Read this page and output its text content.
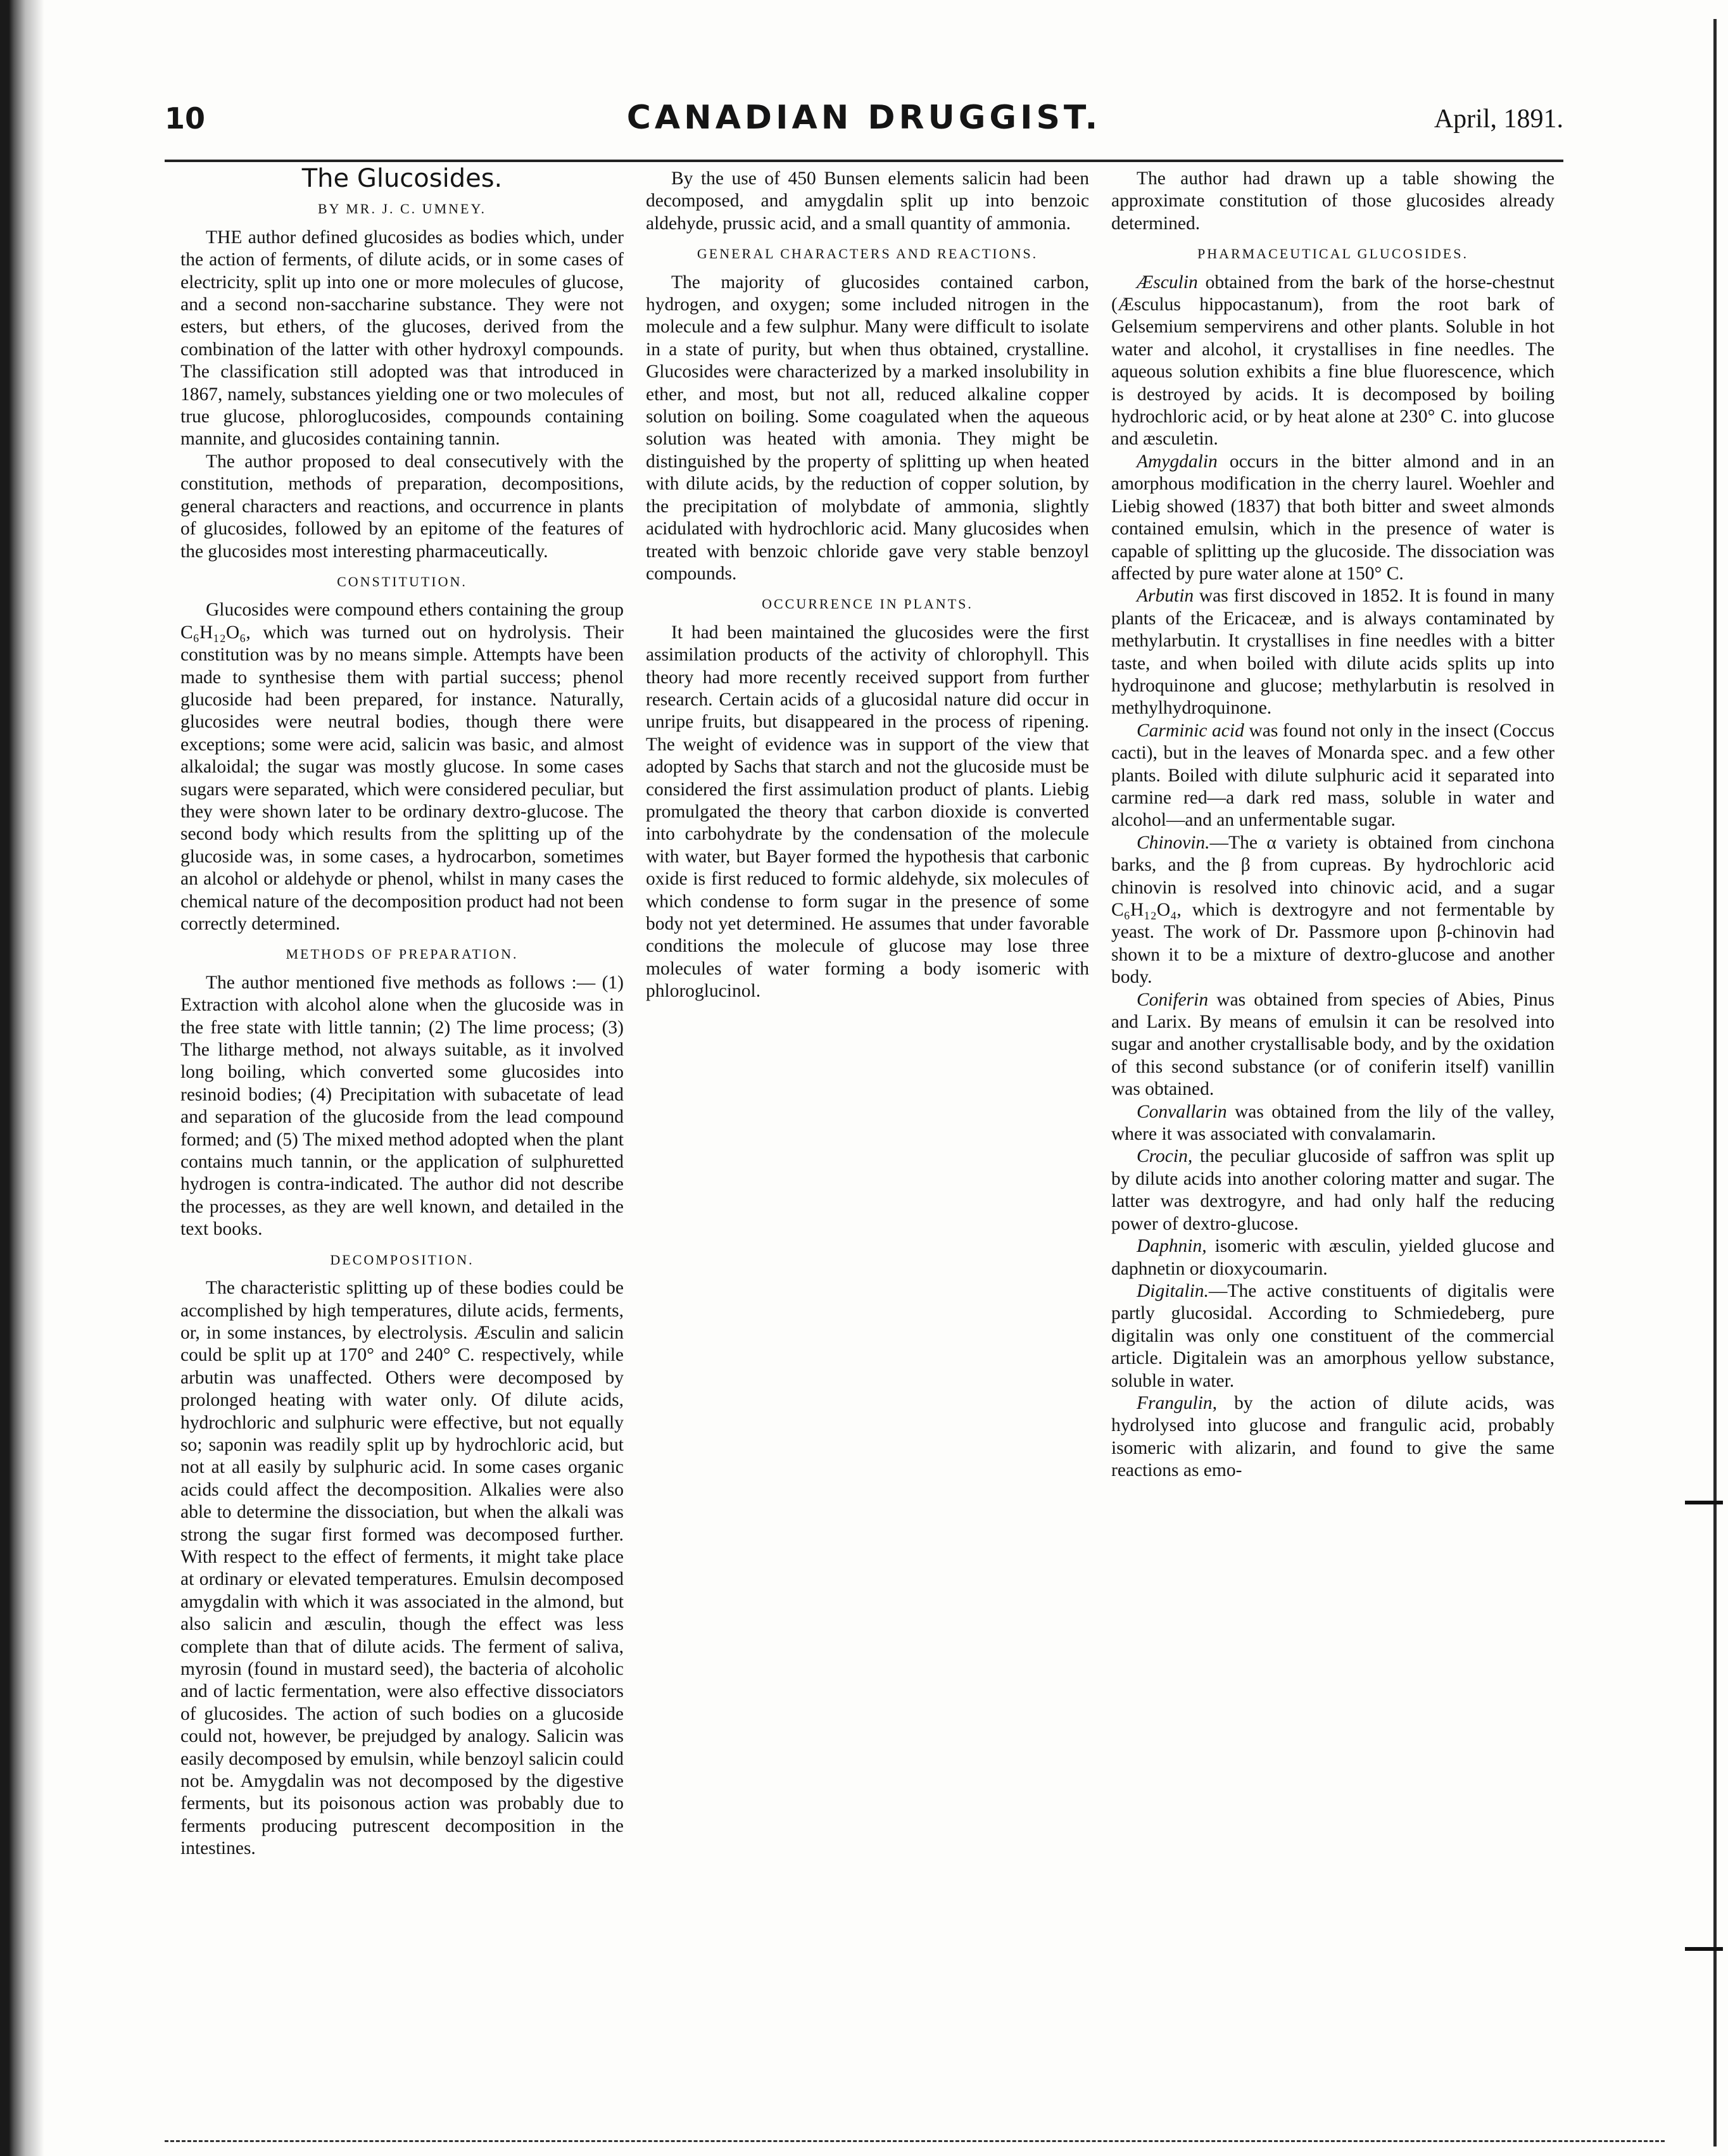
10	CANADIAN DRUGGIST.	April, 1891.
The Glucosides.
BY MR. J. C. UMNEY.

THE author defined glucosides as bodies which, under the action of ferments, of dilute acids, or in some cases of electricity, split up into one or more molecules of glucose, and a second non-saccharine substance. They were not esters, but ethers, of the glucoses, derived from the combination of the latter with other hydroxyl compounds. The classification still adopted was that introduced in 1867, namely, substances yielding one or two molecules of true glucose, phloroglucosides, compounds containing mannite, and glucosides containing tannin.

The author proposed to deal consecutively with the constitution, methods of preparation, decompositions, general characters and reactions, and occurrence in plants of glucosides, followed by an epitome of the features of the glucosides most interesting pharmaceutically.

CONSTITUTION.

Glucosides were compound ethers containing the group C₆H₁₂O₆, which was turned out on hydrolysis. Their constitution was by no means simple. Attempts have been made to synthesise them with partial success; phenol glucoside had been prepared, for instance. Naturally, glucosides were neutral bodies, though there were exceptions; some were acid, salicin was basic, and almost alkaloidal; the sugar was mostly glucose. In some cases sugars were separated, which were considered peculiar, but they were shown later to be ordinary dextro-glucose. The second body which results from the splitting up of the glucoside was, in some cases, a hydrocarbon, sometimes an alcohol or aldehyde or phenol, whilst in many cases the chemical nature of the decomposition product had not been correctly determined.

METHODS OF PREPARATION.

The author mentioned five methods as follows :— (1) Extraction with alcohol alone when the glucoside was in the free state with little tannin; (2) The lime process; (3) The litharge method, not always suitable, as it involved long boiling, which converted some glucosides into resinoid bodies; (4) Precipitation with subacetate of lead and separation of the glucoside from the lead compound formed; and (5) The mixed method adopted when the plant contains much tannin, or the application of sulphuretted hydrogen is contra-indicated. The author did not describe the processes, as they are well known, and detailed in the text books.

DECOMPOSITION.

The characteristic splitting up of these bodies could be accomplished by high temperatures, dilute acids, ferments, or, in some instances, by electrolysis. Æsculin and salicin could be split up at 170° and 240° C. respectively, while arbutin was unaffected. Others were decomposed by prolonged heating with water only. Of dilute acids, hydrochloric and sulphuric were effective, but not equally so; saponin was readily split up by hydrochloric acid, but not at all easily by sulphuric acid. In some cases organic acids could affect the decomposition. Alkalies were also able to determine the dissociation, but when the alkali was strong the sugar first formed was decomposed further. With respect to the effect of ferments, it might take place at ordinary or elevated temperatures. Emulsin decomposed amygdalin with which it was associated in the almond, but also salicin and æsculin, though the effect was less complete than that of dilute acids. The ferment of saliva, myrosin (found in mustard seed), the bacteria of alcoholic and of lactic fermentation, were also effective dissociators of glucosides. The action of such bodies on a glucoside could not, however, be prejudged by analogy. Salicin was easily decomposed by emulsin, while benzoyl salicin could not be. Amygdalin was not decomposed by the digestive ferments, but its poisonous action was probably due to ferments producing putrescent decomposition in the intestines.

By the use of 450 Bunsen elements salicin had been decomposed, and amygdalin split up into benzoic aldehyde, prussic acid, and a small quantity of ammonia.

GENERAL CHARACTERS AND REACTIONS.

The majority of glucosides contained carbon, hydrogen, and oxygen; some included nitrogen in the molecule and a few sulphur. Many were difficult to isolate in a state of purity, but when thus obtained, crystalline. Glucosides were characterized by a marked insolubility in ether, and most, but not all, reduced alkaline copper solution on boiling. Some coagulated when the aqueous solution was heated with amonia. They might be distinguished by the property of splitting up when heated with dilute acids, by the reduction of copper solution, by the precipitation of molybdate of ammonia, slightly acidulated with hydrochloric acid. Many glucosides when treated with benzoic chloride gave very stable benzoyl compounds.

OCCURRENCE IN PLANTS.

It had been maintained the glucosides were the first assimilation products of the activity of chlorophyll. This theory had more recently received support from further research. Certain acids of a glucosidal nature did occur in unripe fruits, but disappeared in the process of ripening. The weight of evidence was in support of the view that adopted by Sachs that starch and not the glucoside must be considered the first assimulation product of plants. Liebig promulgated the theory that carbon dioxide is converted into carbohydrate by the condensation of the molecule with water, but Bayer formed the hypothesis that carbonic oxide is first reduced to formic aldehyde, six molecules of which condense to form sugar in the presence of some body not yet determined. He assumes that under favorable conditions the molecule of glucose may lose three molecules of water forming a body isomeric with phloroglucinol.

The author had drawn up a table showing the approximate constitution of those glucosides already determined.

PHARMACEUTICAL GLUCOSIDES.

Æsculin obtained from the bark of the horse-chestnut (Æsculus hippocastanum), from the root bark of Gelsemium sempervirens and other plants. Soluble in hot water and alcohol, it crystallises in fine needles. The aqueous solution exhibits a fine blue fluorescence, which is destroyed by acids. It is decomposed by boiling hydrochloric acid, or by heat alone at 230° C. into glucose and æsculetin.

Amygdalin occurs in the bitter almond and in an amorphous modification in the cherry laurel. Woehler and Liebig showed (1837) that both bitter and sweet almonds contained emulsin, which in the presence of water is capable of splitting up the glucoside. The dissociation was affected by pure water alone at 150° C.

Arbutin was first discoved in 1852. It is found in many plants of the Ericaceæ, and is always contaminated by methylarbutin. It crystallises in fine needles with a bitter taste, and when boiled with dilute acids splits up into hydroquinone and glucose; methylarbutin is resolved in methylhydroquinone.

Carminic acid was found not only in the insect (Coccus cacti), but in the leaves of Monarda spec. and a few other plants. Boiled with dilute sulphuric acid it separated into carmine red—a dark red mass, soluble in water and alcohol—and an unfermentable sugar.

Chinovin.—The α variety is obtained from cinchona barks, and the β from cupreas. By hydrochloric acid chinovin is resolved into chinovic acid, and a sugar C₆H₁₂O₄, which is dextrogyre and not fermentable by yeast. The work of Dr. Passmore upon β-chinovin had shown it to be a mixture of dextro-glucose and another body.

Coniferin was obtained from species of Abies, Pinus and Larix. By means of emulsin it can be resolved into sugar and another crystallisable body, and by the oxidation of this second substance (or of coniferin itself) vanillin was obtained.

Convallarin was obtained from the lily of the valley, where it was associated with convalamarin.

Crocin, the peculiar glucoside of saffron was split up by dilute acids into another coloring matter and sugar. The latter was dextrogyre, and had only half the reducing power of dextro-glucose.

Daphnin, isomeric with æsculin, yielded glucose and daphnetin or dioxycoumarin.

Digitalin.—The active constituents of digitalis were partly glucosidal. According to Schmiedeberg, pure digitalin was only one constituent of the commercial article. Digitalein was an amorphous yellow substance, soluble in water.

Frangulin, by the action of dilute acids, was hydrolysed into glucose and frangulic acid, probably isomeric with alizarin, and found to give the same reactions as emo-
